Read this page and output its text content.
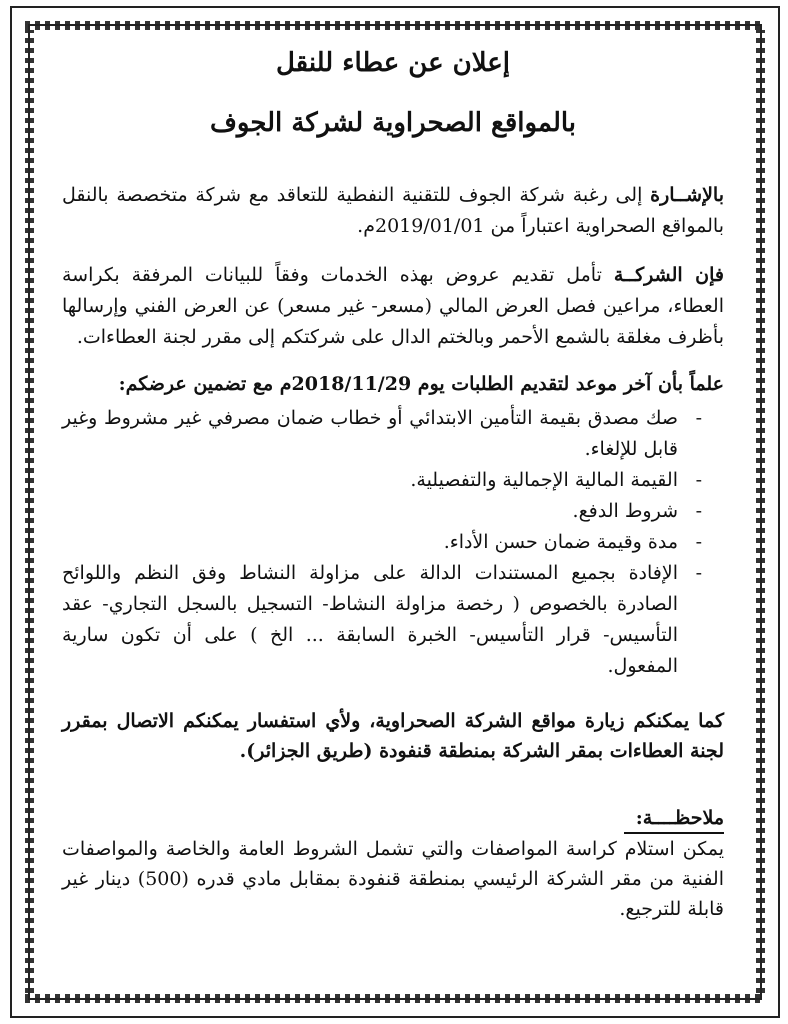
إعلان عن عطاء للنقل
بالمواقع الصحراوية لشركة الجوف

بالإشــارة إلى رغبة شركة الجوف للتقنية النفطية للتعاقد مع شركة متخصصة بالنقل بالمواقع الصحراوية اعتباراً من 2019/01/01م.

فإن الشركــة تأمل تقديم عروض بهذه الخدمات وفقاً للبيانات المرفقة بكراسة العطاء، مراعين فصل العرض المالي (مسعر- غير مسعر) عن العرض الفني وإرسالها بأظرف مغلقة بالشمع الأحمر وبالختم الدال على شركتكم إلى مقرر لجنة العطاءات.

علماً بأن آخر موعد لتقديم الطلبات يوم 2018/11/29م مع تضمين عرضكم:

-
صك مصدق بقيمة التأمين الابتدائي أو خطاب ضمان مصرفي غير مشروط وغير قابل للإلغاء.
-
القيمة المالية الإجمالية والتفصيلية.
-
شروط الدفع.
-
مدة وقيمة ضمان حسن الأداء.
-
الإفادة بجميع المستندات الدالة على مزاولة النشاط وفق النظم واللوائح الصادرة بالخصوص ( رخصة مزاولة النشاط- التسجيل بالسجل التجاري- عقد التأسيس- قرار التأسيس- الخبرة السابقة ... الخ ) على أن تكون سارية المفعول.

كما يمكنكم زيارة مواقع الشركة الصحراوية، ولأي استفسار يمكنكم الاتصال بمقرر لجنة العطاءات بمقر الشركة بمنطقة قنفودة (طريق الجزائر).

ملاحظــــة:

يمكن استلام كراسة المواصفات والتي تشمل الشروط العامة والخاصة والمواصفات الفنية من مقر الشركة الرئيسي بمنطقة قنفودة بمقابل مادي قدره (500) دينار غير قابلة للترجيع.
